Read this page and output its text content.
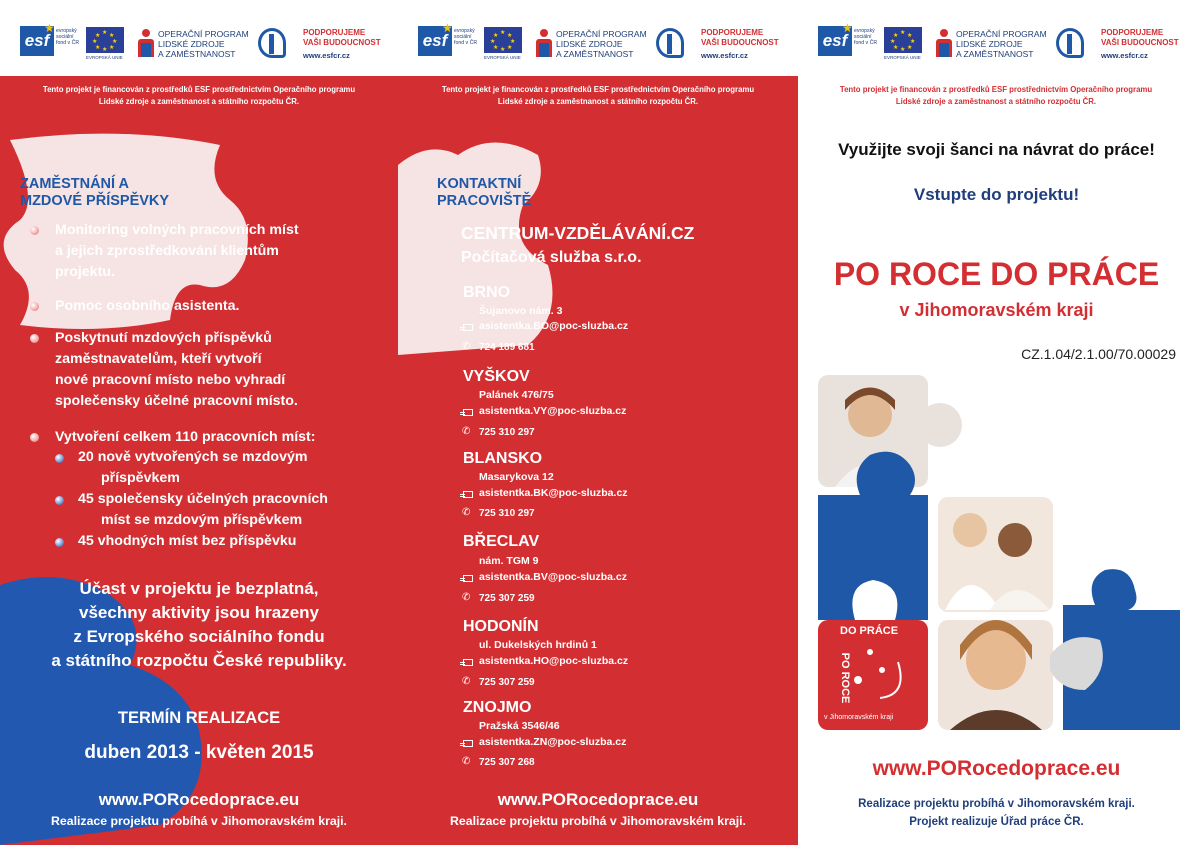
esf
★ evropský sociální fond v ČR
★ ★
★
★
★
★
★
★
EVROPSKÁ UNIE
OPERAČNÍ PROGRAM
LIDSKÉ ZDROJE
A ZAMĚSTNANOST
PODPORUJEME
VAŠI BUDOUCNOST
www.esfcr.cz
Tento projekt je financován z prostředků ESF prostřednictvím Operačního programu
Lidské zdroje a zaměstnanost a státního rozpočtu ČR.
ZAMĚSTNÁNÍ A
MZDOVÉ PŘÍSPĚVKY
Monitoring volných pracovních míst
a jejich zprostředkování klientům
projektu.
Pomoc osobního asistenta.
Poskytnutí mzdových příspěvků
zaměstnavatelům, kteří vytvoří
nové pracovní místo nebo vyhradí
společensky účelné pracovní místo.
Vytvoření celkem 110 pracovních míst:
20 nově vytvořených se mzdovým
příspěvkem
45 společensky účelných pracovních
míst se mzdovým příspěvkem
45 vhodných míst bez příspěvku
Účast v projektu je bezplatná,
všechny aktivity jsou hrazeny
z Evropského sociálního fondu
a státního rozpočtu České republiky.
TERMÍN REALIZACE
duben 2013 - květen 2015
www.PORocedoprace.eu
Realizace projektu probíhá v Jihomoravském kraji.
esf
★ evropský sociální fond v ČR
★ ★
★
★
★
★
★
★
EVROPSKÁ UNIE
OPERAČNÍ PROGRAM
LIDSKÉ ZDROJE
A ZAMĚSTNANOST
PODPORUJEME
VAŠI BUDOUCNOST
www.esfcr.cz
Tento projekt je financován z prostředků ESF prostřednictvím Operačního programu
Lidské zdroje a zaměstnanost a státního rozpočtu ČR.
KONTAKTNÍ
PRACOVIŠTĚ
CENTRUM-VZDĚLÁVÁNÍ.CZ
Počítačová služba s.r.o.
BRNO
Šujanovo nám. 3
asistentka.BO@poc-sluzba.cz
✆ 724 189 681
VYŠKOV
Palánek 476/75
asistentka.VY@poc-sluzba.cz
✆ 725 310 297
BLANSKO
Masarykova 12
asistentka.BK@poc-sluzba.cz
✆ 725 310 297
BŘECLAV
nám. TGM 9
asistentka.BV@poc-sluzba.cz
✆ 725 307 259
HODONÍN
ul. Dukelských hrdinů 1
asistentka.HO@poc-sluzba.cz
✆ 725 307 259
ZNOJMO
Pražská 3546/46
asistentka.ZN@poc-sluzba.cz
✆ 725 307 268
www.PORocedoprace.eu
Realizace projektu probíhá v Jihomoravském kraji.
esf
★ evropský sociální fond v ČR
★ ★
★
★
★
★
★
★
EVROPSKÁ UNIE
OPERAČNÍ PROGRAM
LIDSKÉ ZDROJE
A ZAMĚSTNANOST
PODPORUJEME
VAŠI BUDOUCNOST
www.esfcr.cz
Tento projekt je financován z prostředků ESF prostřednictvím Operačního programu
Lidské zdroje a zaměstnanost a státního rozpočtu ČR.
Využijte svoji šanci na návrat do práce!
Vstupte do projektu!
PO ROCE DO PRÁCE
v Jihomoravském kraji
CZ.1.04/2.1.00/70.00029
DO PRÁCE
PO ROCE
v Jihomoravském kraji
www.PORocedoprace.eu
Realizace projektu probíhá v Jihomoravském kraji.
Projekt realizuje Úřad práce ČR.
